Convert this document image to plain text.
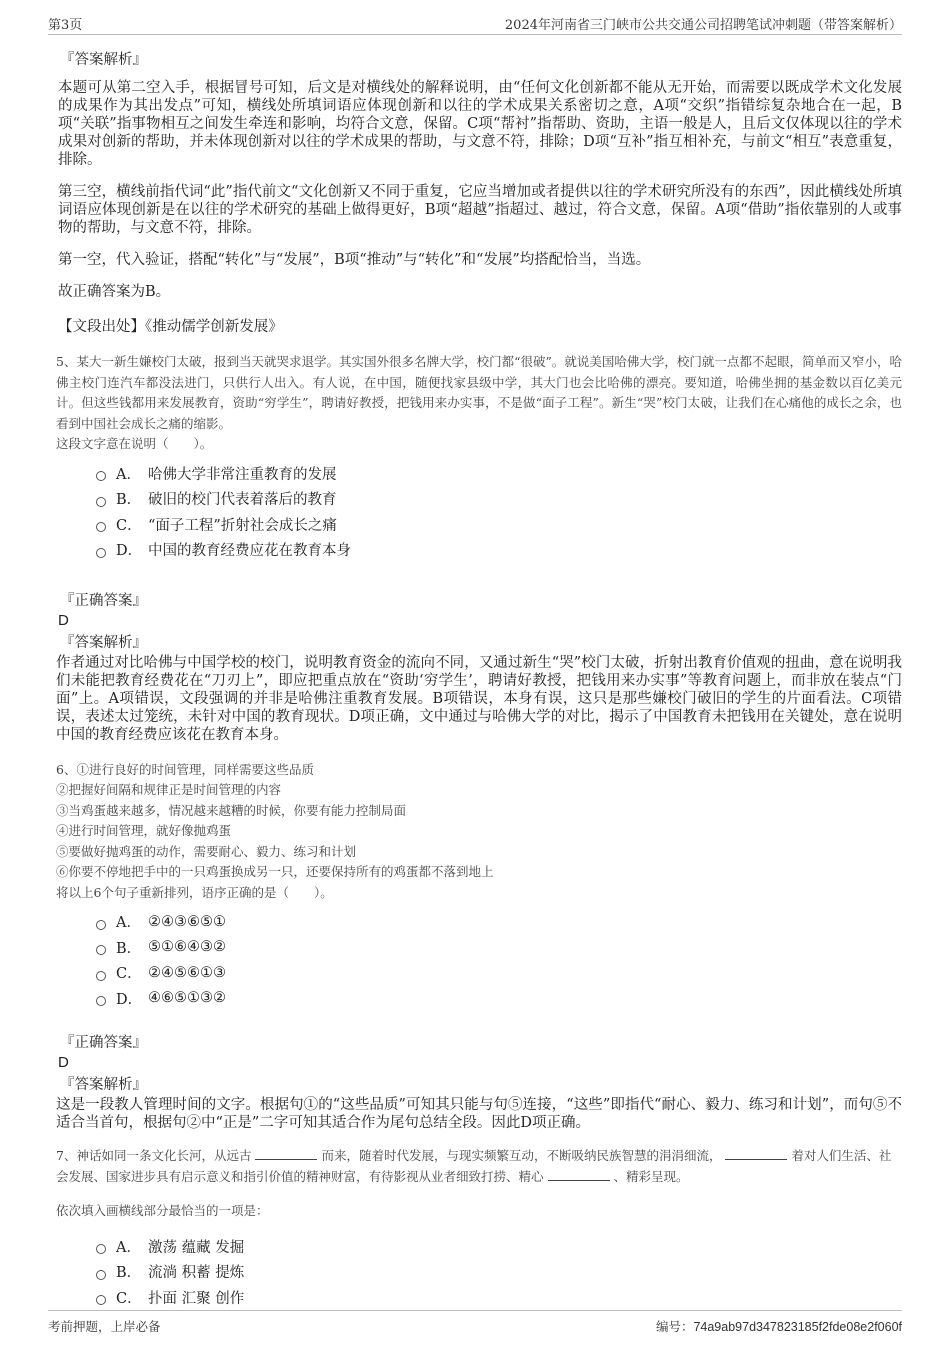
第3页	2024年河南省三门峡市公共交通公司招聘笔试冲刺题（带答案解析）
『答案解析』

本题可从第二空入手，根据冒号可知，后文是对横线处的解释说明，由“任何文化创新都不能从无开始，而需要以既成学术文化发展的成果作为其出发点”可知，横线处所填词语应体现创新和以往的学术成果关系密切之意，A项“交织”指错综复杂地合在一起，B项“关联”指事物相互之间发生牵连和影响，均符合文意，保留。C项“帮衬”指帮助、资助，主语一般是人，且后文仅体现以往的学术成果对创新的帮助，并未体现创新对以往的学术成果的帮助，与文意不符，排除；D项“互补”指互相补充，与前文“相互”表意重复，排除。

第三空，横线前指代词“此”指代前文“文化创新又不同于重复，它应当增加或者提供以往的学术研究所没有的东西”，因此横线处所填词语应体现创新是在以往的学术研究的基础上做得更好，B项“超越”指超过、越过，符合文意，保留。A项“借助”指依靠别的人或事物的帮助，与文意不符，排除。

第一空，代入验证，搭配“转化”与“发展”，B项“推动”与“转化”和“发展”均搭配恰当，当选。

故正确答案为B。

【文段出处】《推动儒学创新发展》

5、某大一新生嫌校门太破，报到当天就哭求退学。其实国外很多名牌大学，校门都“很破”。就说美国哈佛大学，校门就一点都不起眼，简单而又窄小，哈佛主校门连汽车都没法进门，只供行人出入。有人说，在中国，随便找家县级中学，其大门也会比哈佛的漂亮。要知道，哈佛坐拥的基金数以百亿美元计。但这些钱都用来发展教育，资助“穷学生”，聘请好教授，把钱用来办实事，不是做“面子工程”。新生“哭”校门太破，让我们在心痛他的成长之余，也看到中国社会成长之痛的缩影。

这段文字意在说明（　　）。
A． 哈佛大学非常注重教育的发展
B． 破旧的校门代表着落后的教育
C． “面子工程”折射社会成长之痛
D． 中国的教育经费应花在教育本身
『正确答案』
D
『答案解析』

作者通过对比哈佛与中国学校的校门，说明教育资金的流向不同，又通过新生“哭”校门太破，折射出教育价值观的扭曲，意在说明我们未能把教育经费花在“刀刃上”，即应把重点放在“资助‘穷学生’，聘请好教授，把钱用来办实事”等教育问题上，而非放在装点“门面”上。A项错误，文段强调的并非是哈佛注重教育发展。B项错误，本身有误，这只是那些嫌校门破旧的学生的片面看法。C项错误，表述太过笼统，未针对中国的教育现状。D项正确，文中通过与哈佛大学的对比，揭示了中国教育未把钱用在关键处，意在说明中国的教育经费应该花在教育本身。

6、①进行良好的时间管理，同样需要这些品质
②把握好间隔和规律正是时间管理的内容
③当鸡蛋越来越多，情况越来越糟的时候，你要有能力控制局面
④进行时间管理，就好像抛鸡蛋
⑤要做好抛鸡蛋的动作，需要耐心、毅力、练习和计划
⑥你要不停地把手中的一只鸡蛋换成另一只，还要保持所有的鸡蛋都不落到地上
将以上6个句子重新排列，语序正确的是（　　）。
A． ②④③⑥⑤①
B． ⑤①⑥④③②
C． ②④⑤⑥①③
D． ④⑥⑤①③②
『正确答案』
D
『答案解析』

这是一段教人管理时间的文字。根据句①的“这些品质”可知其只能与句⑤连接，“这些”即指代“耐心、毅力、练习和计划”，而句⑤不适合当首句，根据句②中“正是”二字可知其适合作为尾句总结全段。因此D项正确。

7、神话如同一条文化长河，从远古	而来，随着时代发展，与现实频繁互动，不断吸纳民族智慧的涓涓细流，	着对人们生活、社会发展、国家进步具有启示意义和指引价值的精神财富，有待影视从业者细致打捞、精心	、精彩呈现。
依次填入画横线部分最恰当的一项是：
A． 激荡 蕴藏 发掘
B． 流淌 积蓄 提炼
C． 扑面 汇聚 创作
考前押题，上岸必备	编号：74a9ab97d347823185f2fde08e2f060f
